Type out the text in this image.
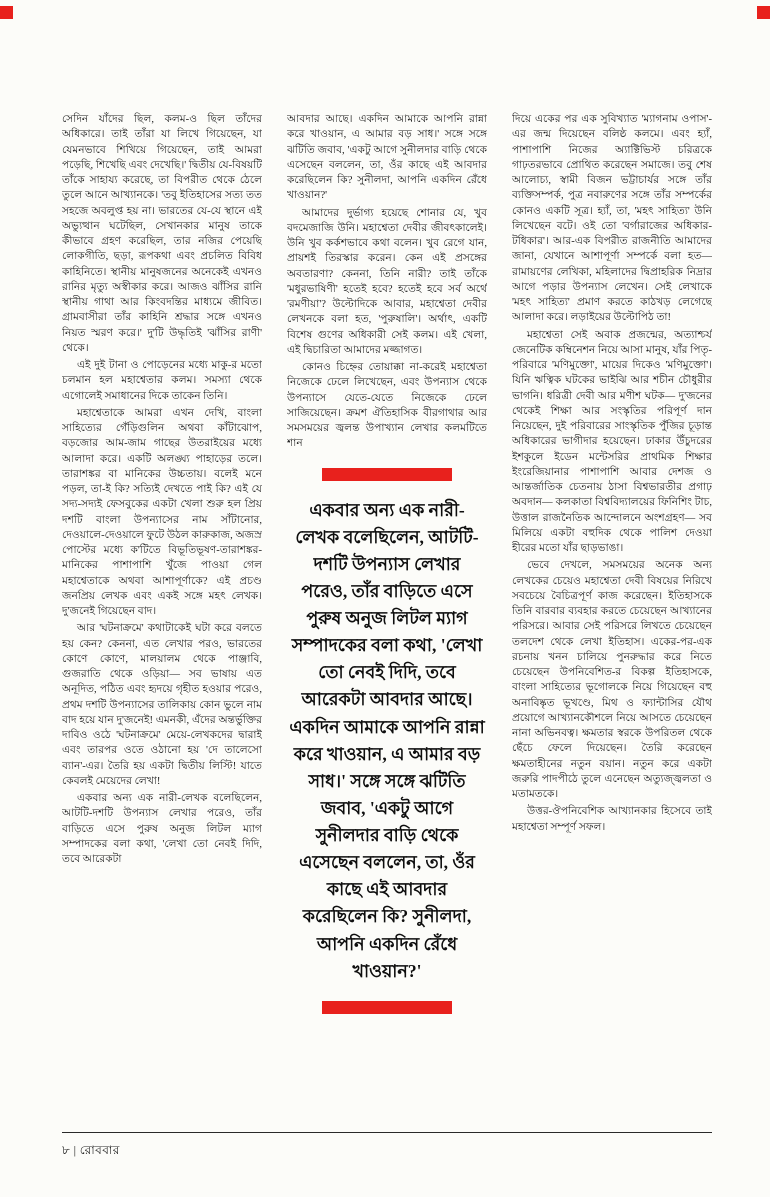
সেদিন যাঁদের ছিল, কলম-ও ছিল তাঁদের অধিকারে। তাই তাঁরা যা লিখে গিয়েছেন, যা যেমনভাবে শিখিয়ে গিয়েছেন, তাই আমরা পড়েছি, শিখেছি এবং দেখেছি।' দ্বিতীয় যে-বিষয়টি তাঁকে সাহায্য করেছে, তা বিপরীত থেকে ঠেলে তুলে আনে আখ্যানকে। 'তবু ইতিহাসের সত্য তত সহজে অবলুপ্ত হয় না। ভারতের যে-যে স্থানে এই অভ্যুত্থান ঘটেছিল, সেখানকার মানুষ তাকে কীভাবে গ্রহণ করেছিল, তার নজির পেয়েছি লোকগীতি, ছড়া, রূপকথা এবং প্রচলিত বিবিধ কাহিনিতে। স্থানীয় মানুষজনের অনেকেই এখনও রানির মৃত্যু অস্বীকার করে। আজও ঝাঁসির রানি স্থানীয় গাথা আর কিংবদন্তির মাধ্যমে জীবিত। গ্রামবাসীরা তাঁর কাহিনি শ্রদ্ধার সঙ্গে এখনও নিয়ত স্মরণ করে।' দু'টি উদ্ধৃতিই 'ঝাঁসির রাণী' থেকে।

এই দুই টানা ও পোড়েনের মধ্যে মাকু-র মতো চলমান হল মহাশ্বেতার কলম। সমস্যা থেকে এগোলেই সমাধানের দিকে তাকেন তিনি।

মহাশ্বেতাকে আমরা এখন দেখি, বাংলা সাহিত্যের গেঁড়িগুলিন অথবা কাঁটাঝোপ, বড়জোর আম-জাম গাছের উতরাইয়ের মধ্যে আলাদা করে। একটি অলঙ্ঘ্য পাহাড়ের তলে। তারাশঙ্কর বা মানিকের উচ্চতায়। বলেই মনে পড়ল, তা-ই কি? সত্যিই দেখতে পাই কি? এই যে সদ্য-সদ্যই ফেসবুকের একটা খেলা শুরু হল প্রিয় দশটি বাংলা উপন্যাসের নাম সাঁটানোর, দেওয়ালে-দেওয়ালে ফুটে উঠল কারুকাজ, অজস্র পোস্টের মধ্যে ক'টিতে বিভূতিভূষণ-তারাশঙ্কর-মানিকের পাশাপাশি খুঁজে পাওয়া গেল মহাশ্বেতাকে অথবা আশাপূর্ণাকে? এই প্রচণ্ড জনপ্রিয় লেখক এবং একই সঙ্গে মহৎ লেখক। দু'জনেই গিয়েছেন বাদ।

আর 'ঘটনাক্রমে' কথাটাকেই ঘটা করে বলতে হয় কেন? কেননা, এত লেখার পরও, ভারতের কোণে কোণে, মালয়ালম থেকে পাঞ্জাবি, গুজরাতি থেকে ওড়িয়া— সব ভাষায় এত অনূদিত, পঠিত এবং হৃদয়ে গৃহীত হওয়ার পরেও, প্রথম দশটি উপন্যাসের তালিকায় কোন ভুলে নাম বাদ হয়ে যান দু'জনেই! এমনকী, এঁদের অন্তর্ভুক্তির দাবিও ওঠে 'ঘটনাক্রমে' মেয়ে-লেখকদের দ্বারাই এবং তারপর ওতে ওঠানো হয় 'দে তালেসো ব্যান'-এর। তৈরি হয় একটা দ্বিতীয় লিস্টি! যাতে কেবলই মেয়েদের লেখা!

একবার অন্য এক নারী-লেখক বলেছিলেন, আটটি-দশটি উপন্যাস লেখার পরেও, তাঁর বাড়িতে এসে পুরুষ অনুজ লিটল ম্যাগ সম্পাদকের বলা কথা, 'লেখা তো নেবই দিদি, তবে আরেকটা

আবদার আছে। একদিন আমাকে আপনি রান্না করে খাওয়ান, এ আমার বড় সাধ।' সঙ্গে সঙ্গে ঝটিতি জবাব, 'একটু আগে সুনীলদার বাড়ি থেকে এসেছেন বললেন, তা, ওঁর কাছে এই আবদার করেছিলেন কি? সুনীলদা, আপনি একদিন রেঁধে খাওয়ান?'

আমাদের দুর্ভাগ্য হয়েছে শোনার যে, খুব বদমেজাজি উনি। মহাশ্বেতা দেবীর জীবৎকালেই। উনি খুব কর্কশভাবে কথা বলেন। খুব রেগে যান, প্রায়শই তিরস্কার করেন। কেন এই প্রসঙ্গের অবতারণা? কেননা, তিনি নারী? তাই তাঁকে 'মধুরভাষিণী' হতেই হবে? হতেই হবে সর্ব অর্থে 'রমণীয়া'? উল্টোদিকে আবার, মহাশ্বেতা দেবীর লেখনকে বলা হত, 'পুরুষালি'। অর্থাৎ, একটি বিশেষ গুণের অধিকারী সেই কলম। এই খেলা, এই দ্বিচারিতা আমাদের মজ্জাগত।

কোনও চিহ্নের তোয়াক্কা না-করেই মহাশ্বেতা নিজেকে ঢেলে লিখেছেন, এবং উপন্যাস থেকে উপন্যাসে যেতে-যেতে নিজেকে ঢেলে সাজিয়েছেন। ক্রমশ ঐতিহাসিক বীরগাথার আর সমসময়ের জ্বলন্ত উপাখ্যান লেখার কলমটিতে শান

একবার অন্য এক নারী-লেখক বলেছিলেন, আটটি-দশটি উপন্যাস লেখার পরেও, তাঁর বাড়িতে এসে পুরুষ অনুজ লিটল ম্যাগ সম্পাদকের বলা কথা, 'লেখা তো নেবই দিদি, তবে আরেকটা আবদার আছে। একদিন আমাকে আপনি রান্না করে খাওয়ান, এ আমার বড় সাধ।' সঙ্গে সঙ্গে ঝটিতি জবাব, 'একটু আগে সুনীলদার বাড়ি থেকে এসেছেন বললেন, তা, ওঁর কাছে এই আবদার করেছিলেন কি? সুনীলদা, আপনি একদিন রেঁধে খাওয়ান?'

দিয়ে একের পর এক সুবিখ্যাত 'ম্যাগনাম ওপাস'-এর জন্ম দিয়েছেন বলিষ্ঠ কলমে। এবং হ্যাঁ, পাশাপাশি নিজের অ্যাক্টিভিস্ট চরিত্রকে গাঢ়তরভাবে প্রোথিত করেছেন সমাজে। তবু শেষ আলোচ্য, স্বামী বিজন ভট্টাচার্যর সঙ্গে তাঁর ব্যক্তিসম্পর্ক, পুত্র নবারুণের সঙ্গে তাঁর সম্পর্কের কোনও একটি সূত্র। হ্যাঁ, তা, 'মহৎ সাহিত্য' উনি লিখেছেন বটে। ওই তো 'বর্গারাজের অধিকার-টধিকার'। আর-এক বিপরীত রাজনীতি আমাদের জানা, যেখানে আশাপূর্ণা সম্পর্কে বলা হত— রামায়ণের লেখিকা, মহিলাদের দ্বিপ্রাহরিক নিদ্রার আগে পড়ার উপন্যাস লেখেন। সেই লেখাকে 'মহৎ সাহিত্য' প্রমাণ করতে কাঠখড় লেগেছে আলাদা করে। লড়াইয়ের উল্টোপিঠ তা!

মহাশ্বেতা সেই অবাক প্রজন্মের, অত্যাশ্চর্য জেনেটিক কম্বিনেশন নিয়ে আসা মানুষ, যাঁর পিতৃ-পরিবারে 'মণিমুক্তো', মায়ের দিকেও 'মণিমুক্তো'। যিনি ঋত্বিক ঘটকের ভাইঝি আর শচীন চৌধুরীর ভাগনি। ধরিত্রী দেবী আর মণীশ ঘটক— দু'জনের থেকেই শিক্ষা আর সংস্কৃতির পরিপূর্ণ দান নিয়েছেন, দুই পরিবারের সাংস্কৃতিক পুঁজির চূড়ান্ত অধিকারের ভাগীদার হয়েছেন। ঢাকার উঁচুদরের ইশকুলে ইডেন মন্টেসরির প্রাথমিক শিক্ষার ইংরেজিয়ানার পাশাপাশি আবার দেশজ ও আন্তর্জাতিক চেতনায় ঠাসা বিশ্বভারতীর প্রগাঢ় অবদান— কলকাতা বিশ্ববিদ্যালয়ের ফিনিশিং টাচ, উত্তাল রাজনৈতিক আন্দোলনে অংশগ্রহণ— সব মিলিয়ে একটা বহুদিক থেকে পালিশ দেওয়া হীরের মতো যাঁর ছাড়ভাঙা।

ভেবে দেখলে, সমসময়ের অনেক অন্য লেখকের চেয়েও মহাশ্বেতা দেবী বিষয়ের নিরিখে সবচেয়ে বৈচিত্রপূর্ণ কাজ করেছেন। ইতিহাসকে তিনি বারবার ব্যবহার করতে চেয়েছেন আখ্যানের পরিসরে। আবার সেই পরিসরে লিখতে চেয়েছেন তলদেশ থেকে লেখা ইতিহাস। একের-পর-এক রচনায় খনন চালিয়ে পুনরুদ্ধার করে নিতে চেয়েছেন উপনিবেশিত-র বিকল্প ইতিহাসকে, বাংলা সাহিত্যের ভূগোলকে নিয়ে গিয়েছেন বহু অনাবিষ্কৃত ভূখণ্ডে, মিথ ও ফ্যান্টাসির যৌথ প্রয়োগে আখ্যানকৌশলে নিয়ে আসতে চেয়েছেন নানা অভিনবত্ব। ক্ষমতার স্বরকে উপরিতল থেকে ছেঁচে ফেলে দিয়েছেন। তৈরি করেছেন ক্ষমতাহীনের নতুন বয়ান। নতুন করে একটা জরুরি পাদপীঠে তুলে এনেছেন অত্যুজ্জ্বলতা ও মতামতকে।

উত্তর-ঔপনিবেশিক আখ্যানকার হিসেবে তাই মহাশ্বেতা সম্পূর্ণ সফল।

৮ | রোববার
